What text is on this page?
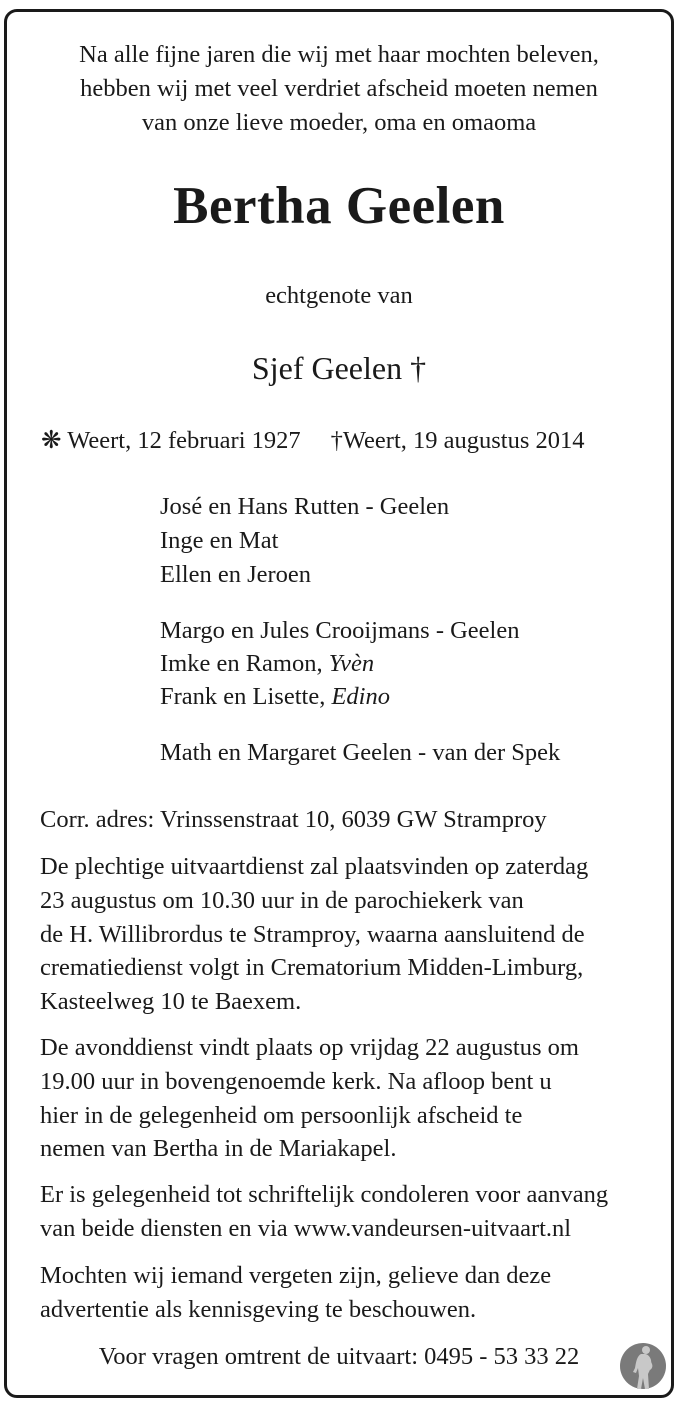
Na alle fijne jaren die wij met haar mochten beleven,
hebben wij met veel verdriet afscheid moeten nemen
van onze lieve moeder, oma en omaoma
Bertha Geelen
echtgenote van
Sjef Geelen †
❋ Weert, 12 februari 1927 †Weert, 19 augustus 2014
José en Hans Rutten - Geelen
Inge en Mat
Ellen en Jeroen
Margo en Jules Crooijmans - Geelen
Imke en Ramon, Yvèn
Frank en Lisette, Edino
Math en Margaret Geelen - van der Spek
Corr. adres: Vrinssenstraat 10, 6039 GW Stramproy
De plechtige uitvaartdienst zal plaatsvinden op zaterdag
23 augustus om 10.30 uur in de parochiekerk van
de H. Willibrordus te Stramproy, waarna aansluitend de
crematiedienst volgt in Crematorium Midden-Limburg,
Kasteelweg 10 te Baexem.
De avonddienst vindt plaats op vrijdag 22 augustus om
19.00 uur in bovengenoemde kerk. Na afloop bent u
hier in de gelegenheid om persoonlijk afscheid te
nemen van Bertha in de Mariakapel.
Er is gelegenheid tot schriftelijk condoleren voor aanvang
van beide diensten en via www.vandeursen-uitvaart.nl
Mochten wij iemand vergeten zijn, gelieve dan deze
advertentie als kennisgeving te beschouwen.
Voor vragen omtrent de uitvaart: 0495 - 53 33 22
